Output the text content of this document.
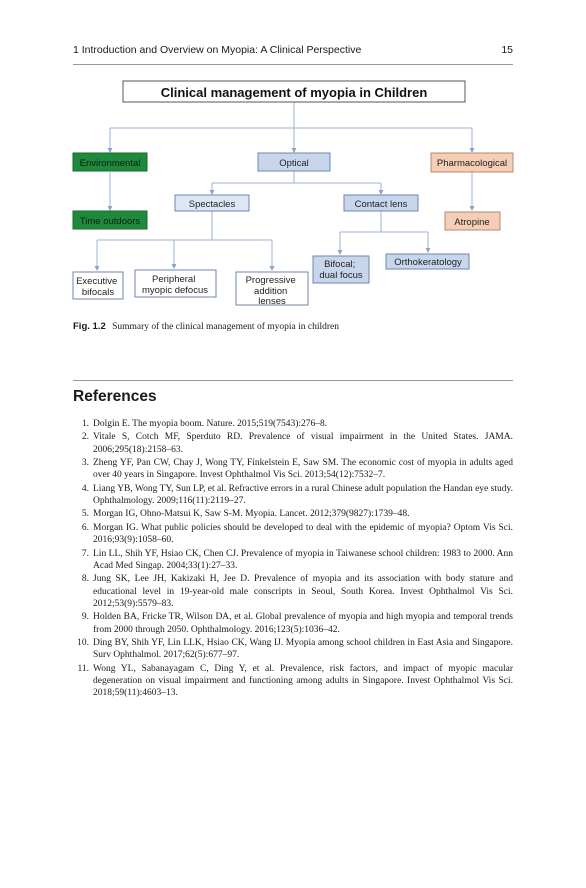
1 Introduction and Overview on Myopia: A Clinical Perspective	15
Clinical management of myopia in Children
Environmental	Optical	Pharmacological
Time outdoors
Spectacles	Contact lens
Atropine
Executive bifocals
Peripheral myopic defocus
Progressive addition lenses
Bifocal; dual focus
Orthokeratology
Fig. 1.2 Summary of the clinical management of myopia in children
References
1. Dolgin E. The myopia boom. Nature. 2015;519(7543):276–8.
2. Vitale S, Cotch MF, Sperduto RD. Prevalence of visual impairment in the United States. JAMA. 2006;295(18):2158–63.
3. Zheng YF, Pan CW, Chay J, Wong TY, Finkelstein E, Saw SM. The economic cost of myopia in adults aged over 40 years in Singapore. Invest Ophthalmol Vis Sci. 2013;54(12):7532–7.
4. Liang YB, Wong TY, Sun LP, et al. Refractive errors in a rural Chinese adult population the Handan eye study. Ophthalmology. 2009;116(11):2119–27.
5. Morgan IG, Ohno-Matsui K, Saw S-M. Myopia. Lancet. 2012;379(9827):1739–48.
6. Morgan IG. What public policies should be developed to deal with the epidemic of myopia? Optom Vis Sci. 2016;93(9):1058–60.
7. Lin LL, Shih YF, Hsiao CK, Chen CJ. Prevalence of myopia in Taiwanese school children: 1983 to 2000. Ann Acad Med Singap. 2004;33(1):27–33.
8. Jung SK, Lee JH, Kakizaki H, Jee D. Prevalence of myopia and its association with body stature and educational level in 19-year-old male conscripts in Seoul, South Korea. Invest Ophthalmol Vis Sci. 2012;53(9):5579–83.
9. Holden BA, Fricke TR, Wilson DA, et al. Global prevalence of myopia and high myopia and temporal trends from 2000 through 2050. Ophthalmology. 2016;123(5):1036–42.
10. Ding BY, Shih YF, Lin LLK, Hsiao CK, Wang IJ. Myopia among school children in East Asia and Singapore. Surv Ophthalmol. 2017;62(5):677–97.
11. Wong YL, Sabanayagam C, Ding Y, et al. Prevalence, risk factors, and impact of myopic macular degeneration on visual impairment and functioning among adults in Singapore. Invest Ophthalmol Vis Sci. 2018;59(11):4603–13.
